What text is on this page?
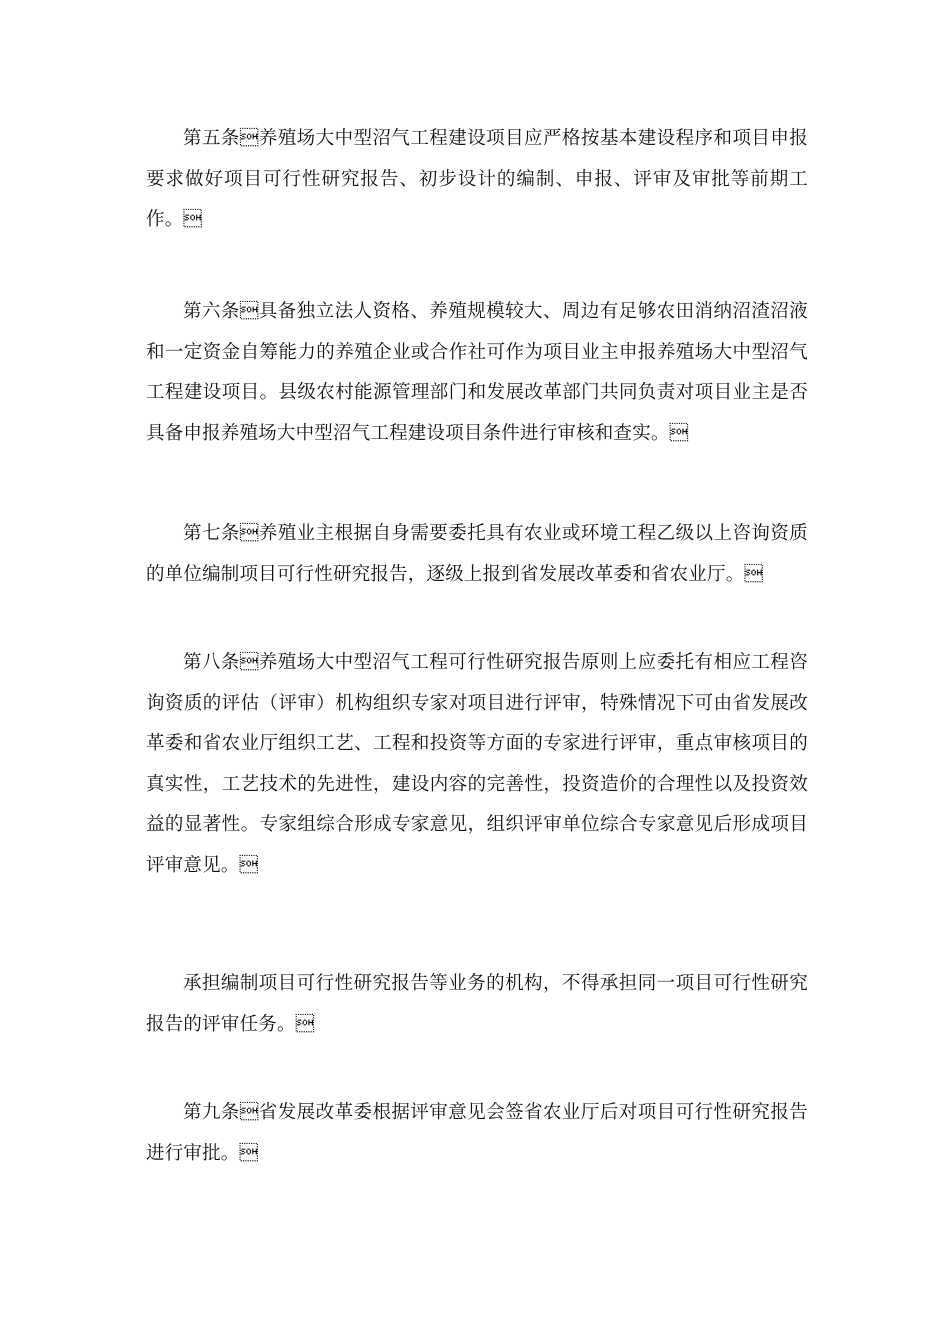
第五条养殖场大中型沼气工程建设项目应严格按基本建设程序和项目申报要求做好项目可行性研究报告、初步设计的编制、申报、评审及审批等前期工作。

第六条具备独立法人资格、养殖规模较大、周边有足够农田消纳沼渣沼液和一定资金自筹能力的养殖企业或合作社可作为项目业主申报养殖场大中型沼气工程建设项目。县级农村能源管理部门和发展改革部门共同负责对项目业主是否具备申报养殖场大中型沼气工程建设项目条件进行审核和查实。

第七条养殖业主根据自身需要委托具有农业或环境工程乙级以上咨询资质的单位编制项目可行性研究报告，逐级上报到省发展改革委和省农业厅。

第八条养殖场大中型沼气工程可行性研究报告原则上应委托有相应工程咨询资质的评估（评审）机构组织专家对项目进行评审，特殊情况下可由省发展改革委和省农业厅组织工艺、工程和投资等方面的专家进行评审，重点审核项目的真实性，工艺技术的先进性，建设内容的完善性，投资造价的合理性以及投资效益的显著性。专家组综合形成专家意见，组织评审单位综合专家意见后形成项目评审意见。

承担编制项目可行性研究报告等业务的机构，不得承担同一项目可行性研究报告的评审任务。

第九条省发展改革委根据评审意见会签省农业厅后对项目可行性研究报告进行审批。
